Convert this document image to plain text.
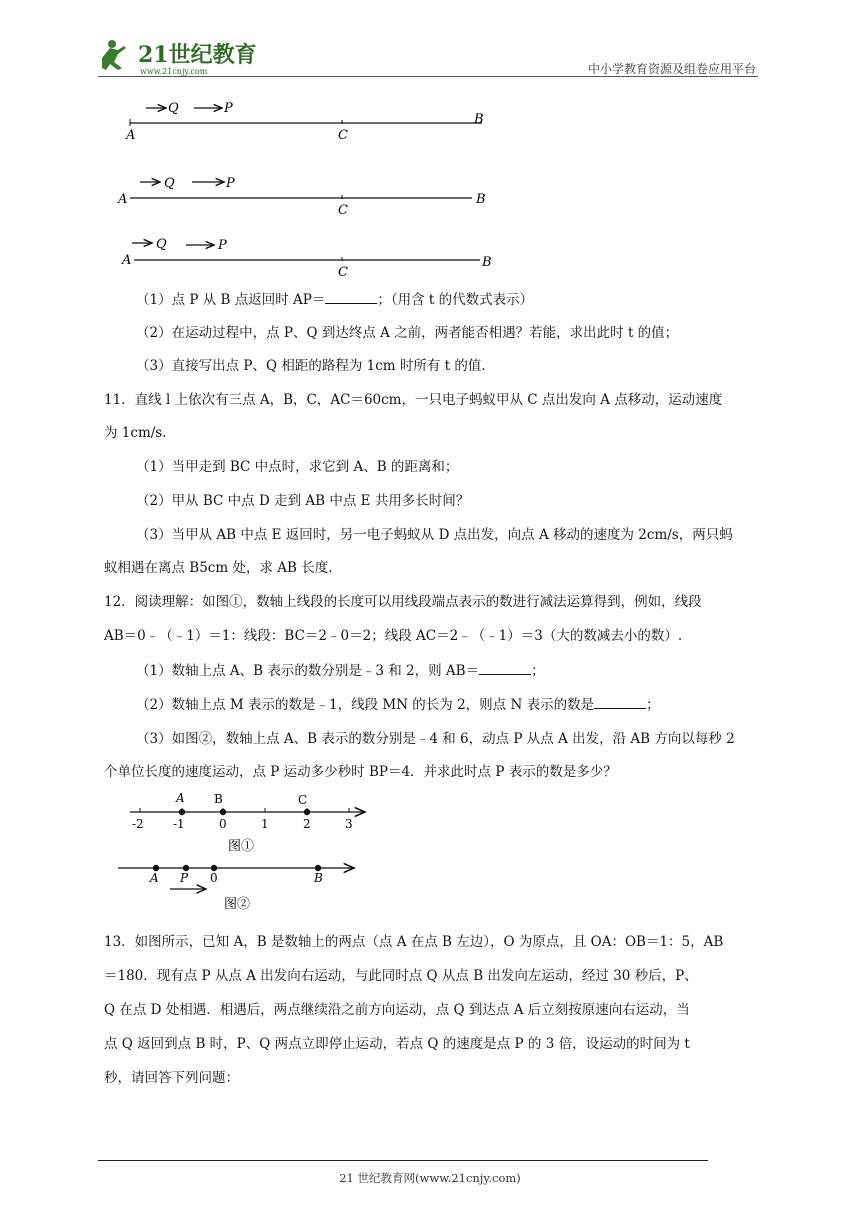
21世纪教育
www.21cnjy.com	中小学教育资源及组卷应用平台
Q	P
A	C
B
Q	P
A
C
B
Q	P
A
C
B
（1）点 P 从 B 点返回时 AP＝	；（用含 t 的代数式表示）
（2）在运动过程中，点 P、Q 到达终点 A 之前，两者能否相遇？若能，求出此时 t 的值；
（3）直接写出点 P、Q 相距的路程为 1cm 时所有 t 的值.
11．直线 l 上依次有三点 A，B，C，AC＝60cm，一只电子蚂蚁甲从 C 点出发向 A 点移动，运动速度
为 1cm/s.
（1）当甲走到 BC 中点时，求它到 A、B 的距离和；
（2）甲从 BC 中点 D 走到 AB 中点 E 共用多长时间？
（3）当甲从 AB 中点 E 返回时，另一电子蚂蚁从 D 点出发，向点 A 移动的速度为 2cm/s，两只蚂
蚁相遇在离点 B5cm 处，求 AB 长度.
12．阅读理解：如图①，数轴上线段的长度可以用线段端点表示的数进行减法运算得到，例如，线段
AB＝0﹣（﹣1）＝1：线段：BC＝2﹣0＝2；线段 AC＝2﹣（﹣1）＝3（大的数减去小的数）.
（1）数轴上点 A、B 表示的数分别是﹣3 和 2，则 AB＝	；
（2）数轴上点 M 表示的数是﹣1，线段 MN 的长为 2，则点 N 表示的数是	；
（3）如图②，数轴上点 A、B 表示的数分别是﹣4 和 6，动点 P 从点 A 出发，沿 AB 方向以每秒 2
个单位长度的速度运动，点 P 运动多少秒时 BP＝4．并求此时点 P 表示的数是多少？
A B	C
-2 -1	0	1	2	3
图①
A P 0	B
图②
13．如图所示，已知 A，B 是数轴上的两点（点 A 在点 B 左边），O 为原点，且 OA：OB＝1：5，AB
＝180．现有点 P 从点 A 出发向右运动，与此同时点 Q 从点 B 出发向左运动，经过 30 秒后，P、
Q 在点 D 处相遇．相遇后，两点继续沿之前方向运动，点 Q 到达点 A 后立刻按原速向右运动，当
点 Q 返回到点 B 时，P、Q 两点立即停止运动，若点 Q 的速度是点 P 的 3 倍，设运动的时间为 t
秒，请回答下列问题：
21 世纪教育网(www.21cnjy.com)
